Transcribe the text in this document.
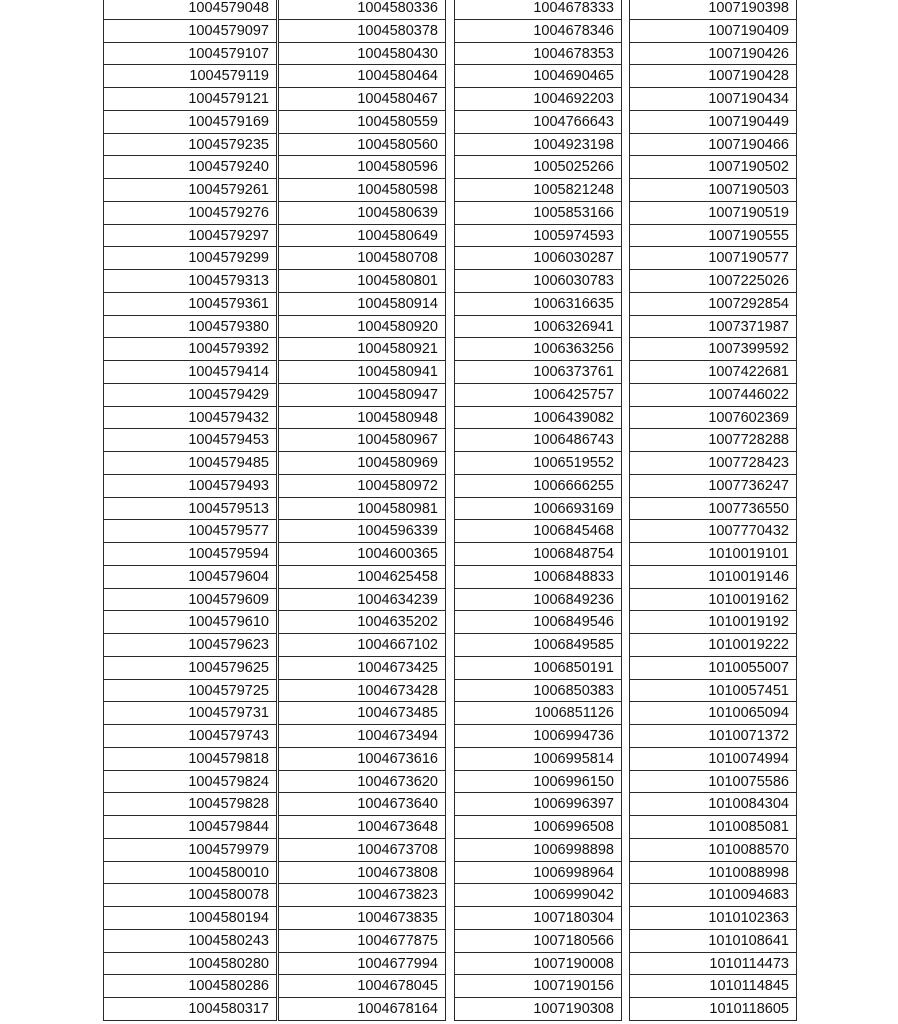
1004579048
1004579097
1004579107
1004579119
1004579121
1004579169
1004579235
1004579240
1004579261
1004579276
1004579297
1004579299
1004579313
1004579361
1004579380
1004579392
1004579414
1004579429
1004579432
1004579453
1004579485
1004579493
1004579513
1004579577
1004579594
1004579604
1004579609
1004579610
1004579623
1004579625
1004579725
1004579731
1004579743
1004579818
1004579824
1004579828
1004579844
1004579979
1004580010
1004580078
1004580194
1004580243
1004580280
1004580286
1004580317
1004580336
1004580378
1004580430
1004580464
1004580467
1004580559
1004580560
1004580596
1004580598
1004580639
1004580649
1004580708
1004580801
1004580914
1004580920
1004580921
1004580941
1004580947
1004580948
1004580967
1004580969
1004580972
1004580981
1004596339
1004600365
1004625458
1004634239
1004635202
1004667102
1004673425
1004673428
1004673485
1004673494
1004673616
1004673620
1004673640
1004673648
1004673708
1004673808
1004673823
1004673835
1004677875
1004677994
1004678045
1004678164
1004678333
1004678346
1004678353
1004690465
1004692203
1004766643
1004923198
1005025266
1005821248
1005853166
1005974593
1006030287
1006030783
1006316635
1006326941
1006363256
1006373761
1006425757
1006439082
1006486743
1006519552
1006666255
1006693169
1006845468
1006848754
1006848833
1006849236
1006849546
1006849585
1006850191
1006850383
1006851126
1006994736
1006995814
1006996150
1006996397
1006996508
1006998898
1006998964
1006999042
1007180304
1007180566
1007190008
1007190156
1007190308
1007190398
1007190409
1007190426
1007190428
1007190434
1007190449
1007190466
1007190502
1007190503
1007190519
1007190555
1007190577
1007225026
1007292854
1007371987
1007399592
1007422681
1007446022
1007602369
1007728288
1007728423
1007736247
1007736550
1007770432
1010019101
1010019146
1010019162
1010019192
1010019222
1010055007
1010057451
1010065094
1010071372
1010074994
1010075586
1010084304
1010085081
1010088570
1010088998
1010094683
1010102363
1010108641
1010114473
1010114845
1010118605
